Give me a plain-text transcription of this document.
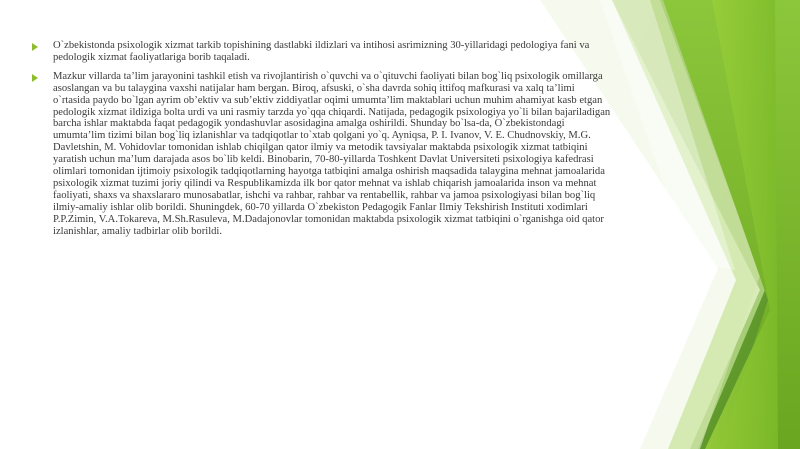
O`zbekistonda psixologik xizmat tarkib topishining dastlabki ildizlari va intihosi asrimizning 30-yillaridagi pedologiya fani va pedologik xizmat faoliyatlariga borib taqaladi.
Mazkur villarda ta’lim jarayonini tashkil etish va rivojlantirish o`quvchi va o`qituvchi faoliyati bilan bog`liq psixologik omillarga asoslangan va bu talaygina vaxshi natijalar ham bergan. Biroq, afsuski, o`sha davrda sohiq ittifoq mafkurasi va xalq ta’limi o`rtasida paydo bo`lgan ayrim ob’ektiv va sub’ektiv ziddiyatlar oqimi umumta’lim maktablari uchun muhim ahamiyat kasb etgan pedologik xizmat ildiziga bolta urdi va uni rasmiy tarzda yo`qqa chiqardi. Natijada, pedagogik psixologiya yo`li bilan bajariladigan barcha ishlar maktabda faqat pedagogik yondashuvlar asosidagina amalga oshirildi. Shunday bo`lsa-da, O`zbekistondagi umumta’lim tizimi bilan bog`liq izlanishlar va tadqiqotlar to`xtab qolgani yo`q. Ayniqsa, P. I. Ivanov, V. E. Chudnovskiy, M.G. Davletshin, M. Vohidovlar tomonidan ishlab chiqilgan qator ilmiy va metodik tavsiyalar maktabda psixologik xizmat tatbiqini yaratish uchun ma’lum darajada asos bo`lib keldi. Binobarin, 70-80-yillarda Toshkent Davlat Universiteti psixologiya kafedrasi olimlari tomonidan ijtimoiy psixologik tadqiqotlarning hayotga tatbiqini amalga oshirish maqsadida talaygina mehnat jamoalarida psixologik xizmat tuzimi joriy qilindi va Respublikamizda ilk bor qator mehnat va ishlab chiqarish jamoalarida inson va mehnat faoliyati, shaxs va shaxslararo munosabatlar, ishchi va rahbar, rahbar va rentabellik, rahbar va jamoa psixologiyasi bilan bog`liq ilmiy-amaliy ishlar olib borildi. Shuningdek, 60-70 yillarda O`zbekiston Pedagogik Fanlar Ilmiy Tekshirish Instituti xodimlari P.P.Zimin, V.A.Tokareva, M.Sh.Rasuleva, M.Dadajonovlar tomonidan maktabda psixologik xizmat tatbiqini o`rganishga oid qator izlanishlar, amaliy tadbirlar olib borildi.
